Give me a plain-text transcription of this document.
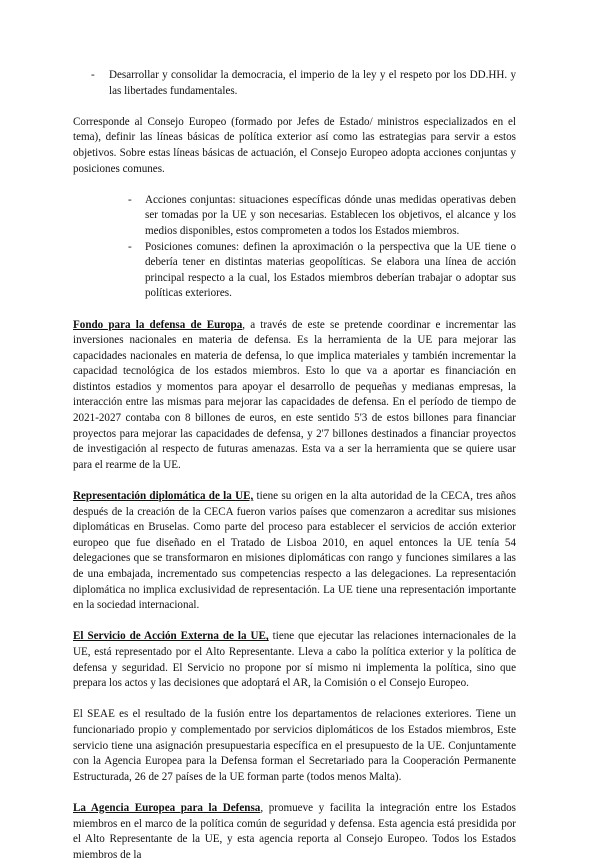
-	Desarrollar y consolidar la democracia, el imperio de la ley y el respeto por los DD.HH. y las libertades fundamentales.

Corresponde al Consejo Europeo (formado por Jefes de Estado/ ministros especializados en el tema), definir las líneas básicas de política exterior así como las estrategias para servir a estos objetivos. Sobre estas líneas básicas de actuación, el Consejo Europeo adopta acciones conjuntas y posiciones comunes.

-	Acciones conjuntas: situaciones específicas dónde unas medidas operativas deben ser tomadas por la UE y son necesarias. Establecen los objetivos, el alcance y los medios disponibles, estos comprometen a todos los Estados miembros.
-	Posiciones comunes: definen la aproximación o la perspectiva que la UE tiene o debería tener en distintas materias geopolíticas. Se elabora una línea de acción principal respecto a la cual, los Estados miembros deberían trabajar o adoptar sus políticas exteriores.

Fondo para la defensa de Europa, a través de este se pretende coordinar e incrementar las inversiones nacionales en materia de defensa. Es la herramienta de la UE para mejorar las capacidades nacionales en materia de defensa, lo que implica materiales y también incrementar la capacidad tecnológica de los estados miembros. Esto lo que va a aportar es financiación en distintos estadios y momentos para apoyar el desarrollo de pequeñas y medianas empresas, la interacción entre las mismas para mejorar las capacidades de defensa. En el período de tiempo de 2021-2027 contaba con 8 billones de euros, en este sentido 5'3 de estos billones para financiar proyectos para mejorar las capacidades de defensa, y 2'7 billones destinados a financiar proyectos de investigación al respecto de futuras amenazas. Esta va a ser la herramienta que se quiere usar para el rearme de la UE.

Representación diplomática de la UE, tiene su origen en la alta autoridad de la CECA, tres años después de la creación de la CECA fueron varios países que comenzaron a acreditar sus misiones diplomáticas en Bruselas. Como parte del proceso para establecer el servicios de acción exterior europeo que fue diseñado en el Tratado de Lisboa 2010, en aquel entonces la UE tenía 54 delegaciones que se transformaron en misiones diplomáticas con rango y funciones similares a las de una embajada, incrementado sus competencias respecto a las delegaciones. La representación diplomática no implica exclusividad de representación. La UE tiene una representación importante en la sociedad internacional.

El Servicio de Acción Externa de la UE, tiene que ejecutar las relaciones internacionales de la UE, está representado por el Alto Representante. Lleva a cabo la política exterior y la política de defensa y seguridad. El Servicio no propone por sí mismo ni implementa la política, sino que prepara los actos y las decisiones que adoptará el AR, la Comisión o el Consejo Europeo.

El SEAE es el resultado de la fusión entre los departamentos de relaciones exteriores. Tiene un funcionariado propio y complementado por servicios diplomáticos de los Estados miembros, Este servicio tiene una asignación presupuestaria específica en el presupuesto de la UE. Conjuntamente con la Agencia Europea para la Defensa forman el Secretariado para la Cooperación Permanente Estructurada, 26 de 27 países de la UE forman parte (todos menos Malta).

La Agencia Europea para la Defensa, promueve y facilita la integración entre los Estados miembros en el marco de la política común de seguridad y defensa. Esta agencia está presidida por el Alto Representante de la UE, y esta agencia reporta al Consejo Europeo. Todos los Estados miembros de la
